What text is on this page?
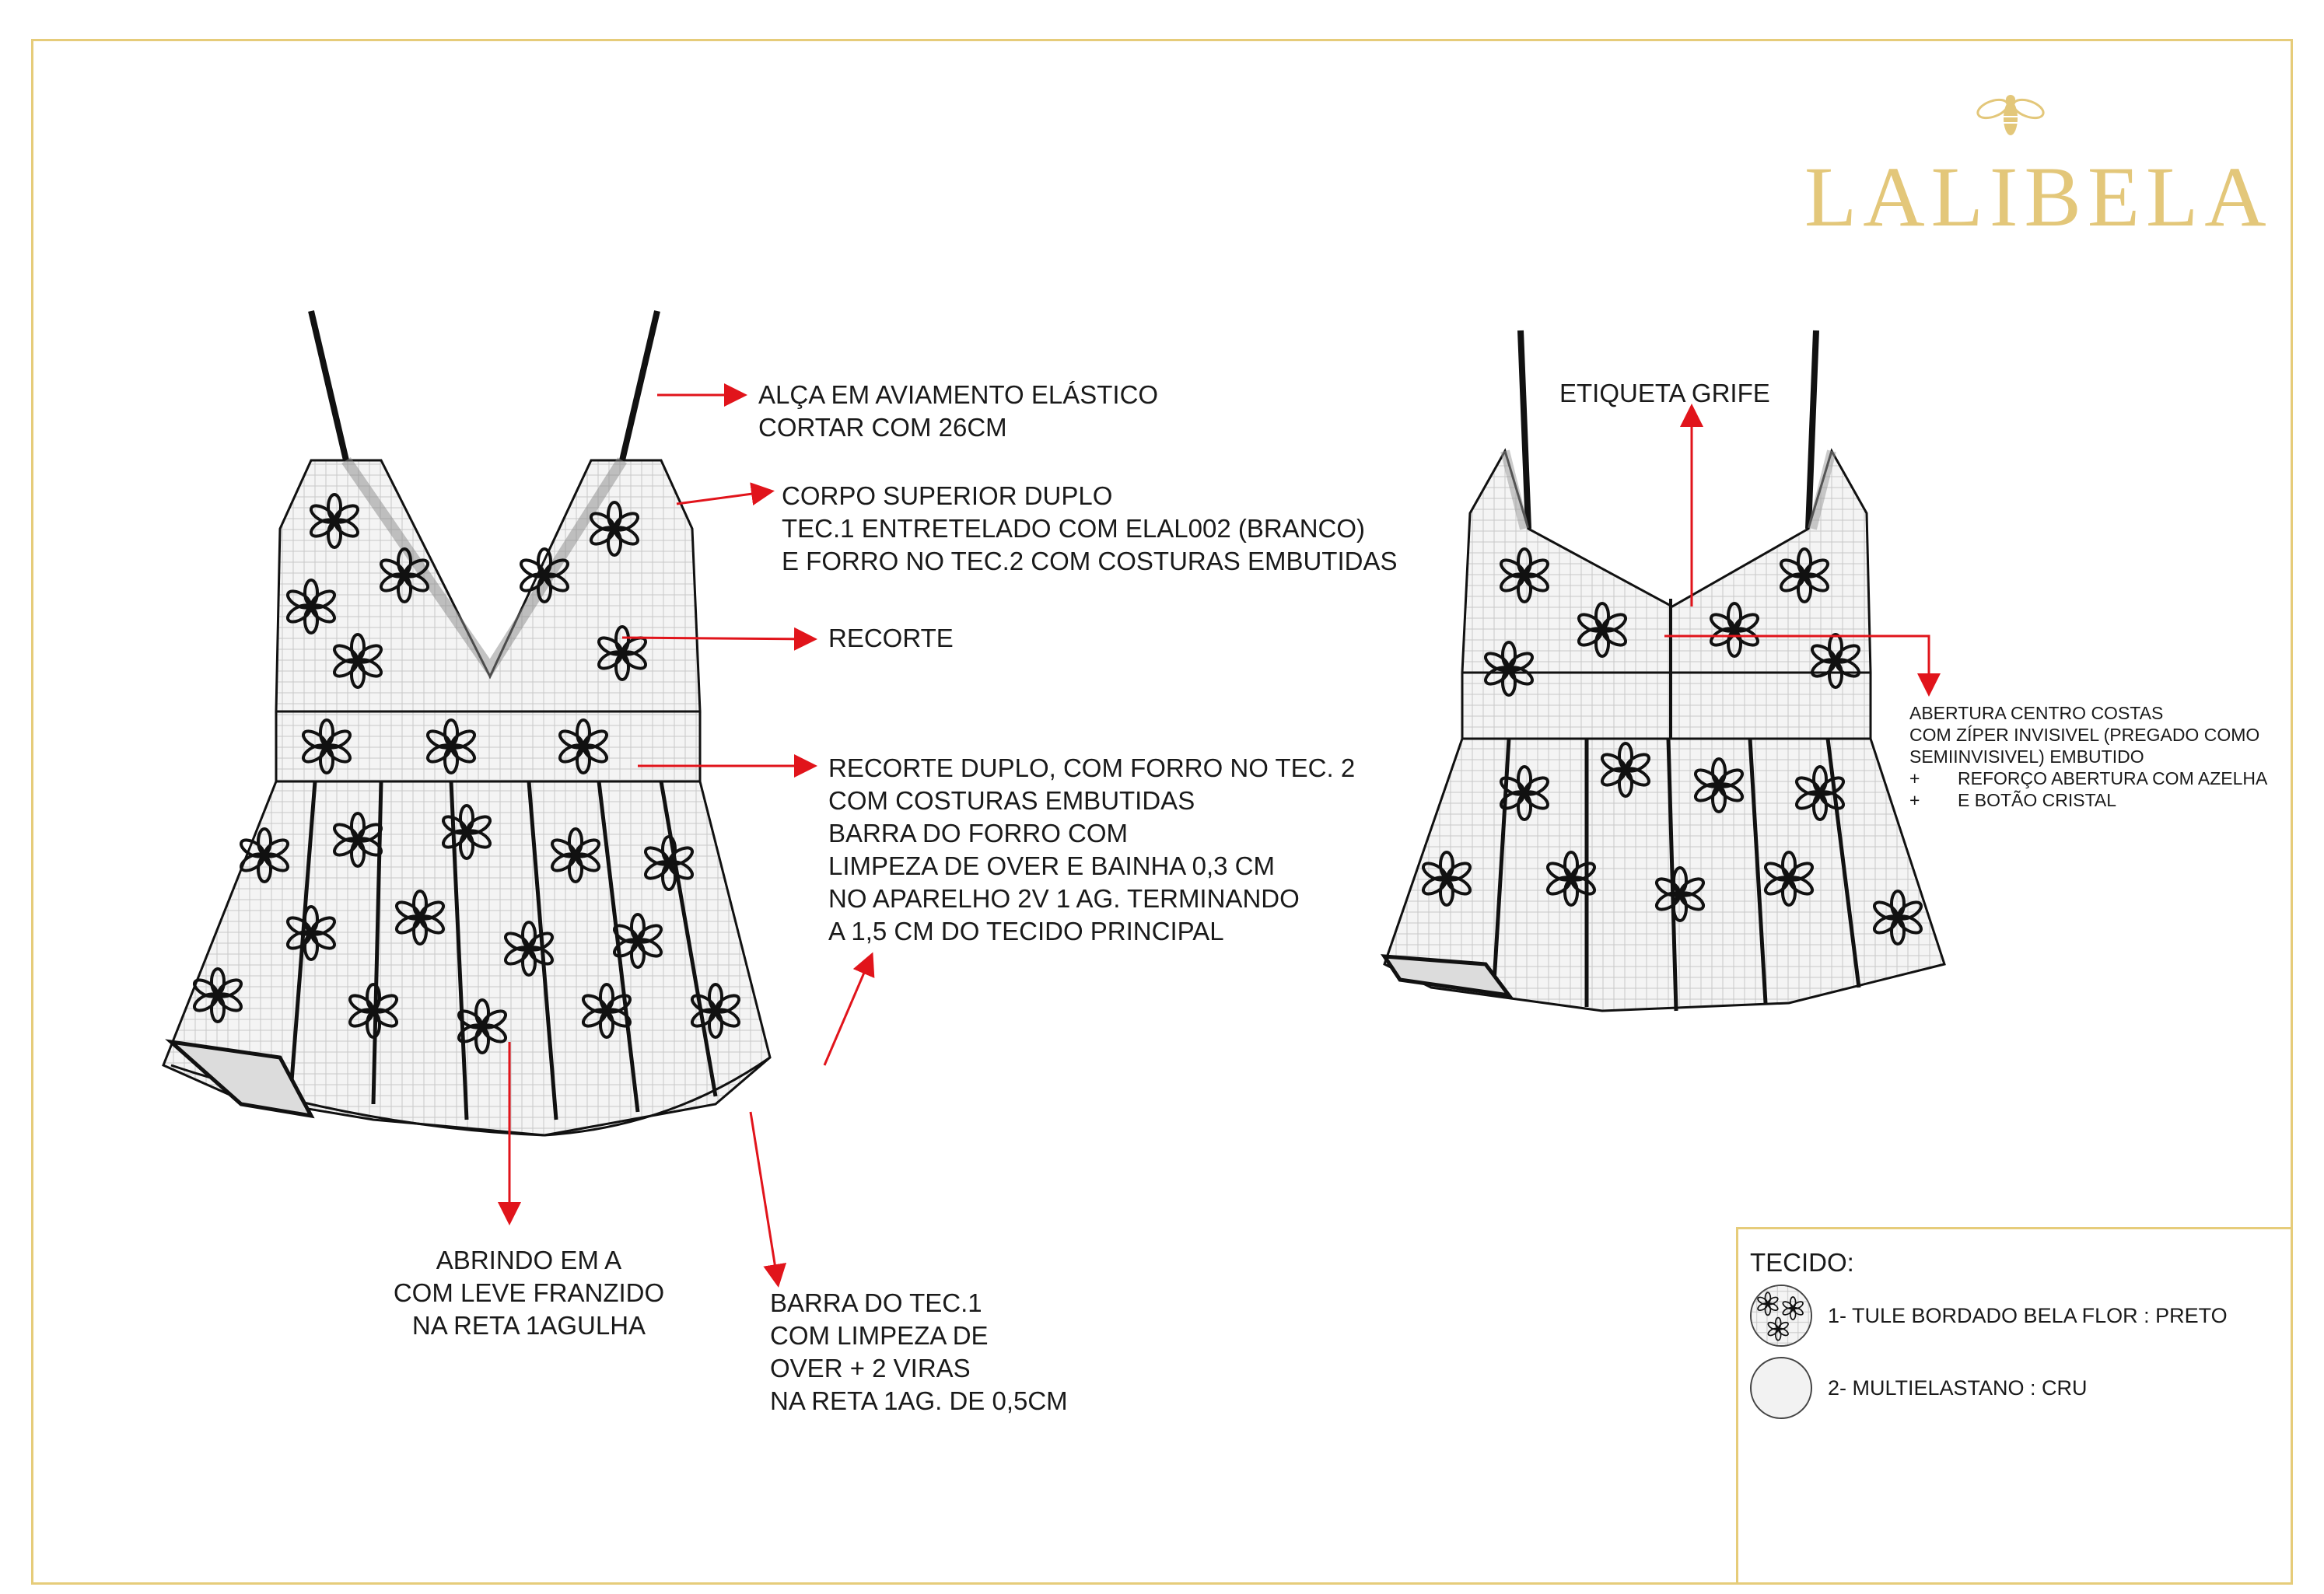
LALIBELA
ALÇA EM AVIAMENTO ELÁSTICO
CORTAR COM 26CM
CORPO SUPERIOR DUPLO
TEC.1 ENTRETELADO COM ELAL002 (BRANCO)
E FORRO NO TEC.2 COM COSTURAS EMBUTIDAS
RECORTE
RECORTE DUPLO, COM FORRO NO TEC. 2
COM COSTURAS EMBUTIDAS
BARRA DO FORRO COM
LIMPEZA DE OVER E BAINHA 0,3 CM
NO APARELHO 2V 1 AG. TERMINANDO
A 1,5 CM DO TECIDO PRINCIPAL
ABRINDO EM A
COM LEVE FRANZIDO
NA RETA 1AGULHA
BARRA DO TEC.1
COM LIMPEZA DE
OVER + 2 VIRAS
NA RETA 1AG. DE 0,5CM
ETIQUETA GRIFE
ABERTURA CENTRO COSTAS
COM ZÍPER INVISIVEL (PREGADO COMO
SEMIINVISIVEL) EMBUTIDO
+ REFORÇO ABERTURA COM AZELHA
+ E BOTÃO CRISTAL
TECIDO:
1- TULE BORDADO BELA FLOR : PRETO
2- MULTIELASTANO : CRU
